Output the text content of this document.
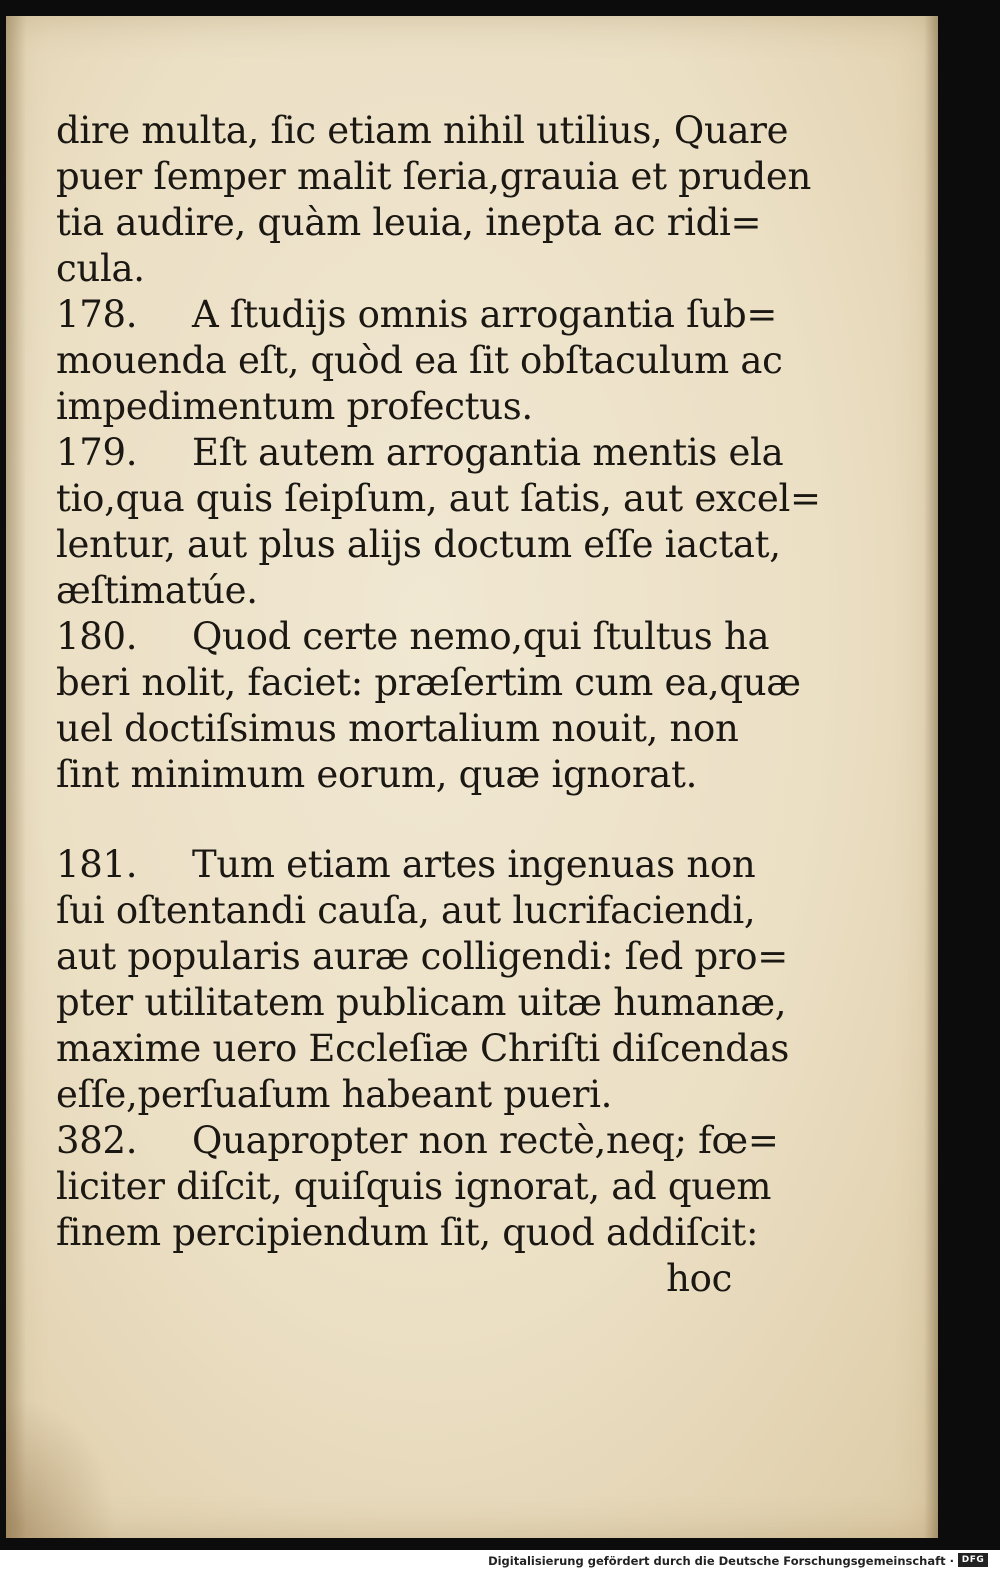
dire multa, ſic etiam nihil utilius, Quare
puer ſemper malit ſeria,grauia et pruden
tia audire, quàm leuia, inepta ac ridi=
cula.
178.	A ſtudijs omnis arrogantia ſub=
mouenda eſt, quòd ea ſit obſtaculum ac
impedimentum profectus.
179.	Eſt autem arrogantia mentis ela
tio,qua quis ſeipſum, aut ſatis, aut excel=
lentur, aut plus alijs doctum eſſe iactat,
æſtimatúe.
180.	Quod certe nemo,qui ſtultus ha
beri nolit, faciet: præſertim cum ea,quæ
uel doctiſsimus mortalium nouit, non
ſint minimum eorum, quæ ignorat.
181.	Tum etiam artes ingenuas non
ſui oſtentandi cauſa, aut lucrifaciendi,
aut popularis auræ colligendi: ſed pro=
pter utilitatem publicam uitæ humanæ,
maxime uero Eccleſiæ Chriſti diſcendas
eſſe,perſuaſum habeant pueri.
382.	Quapropter non rectè,neq; fœ=
liciter diſcit, quiſquis ignorat, ad quem
finem percipiendum ſit, quod addiſcit:
hoc
Digitalisierung gefördert durch die Deutsche Forschungsgemeinschaft · DFG
